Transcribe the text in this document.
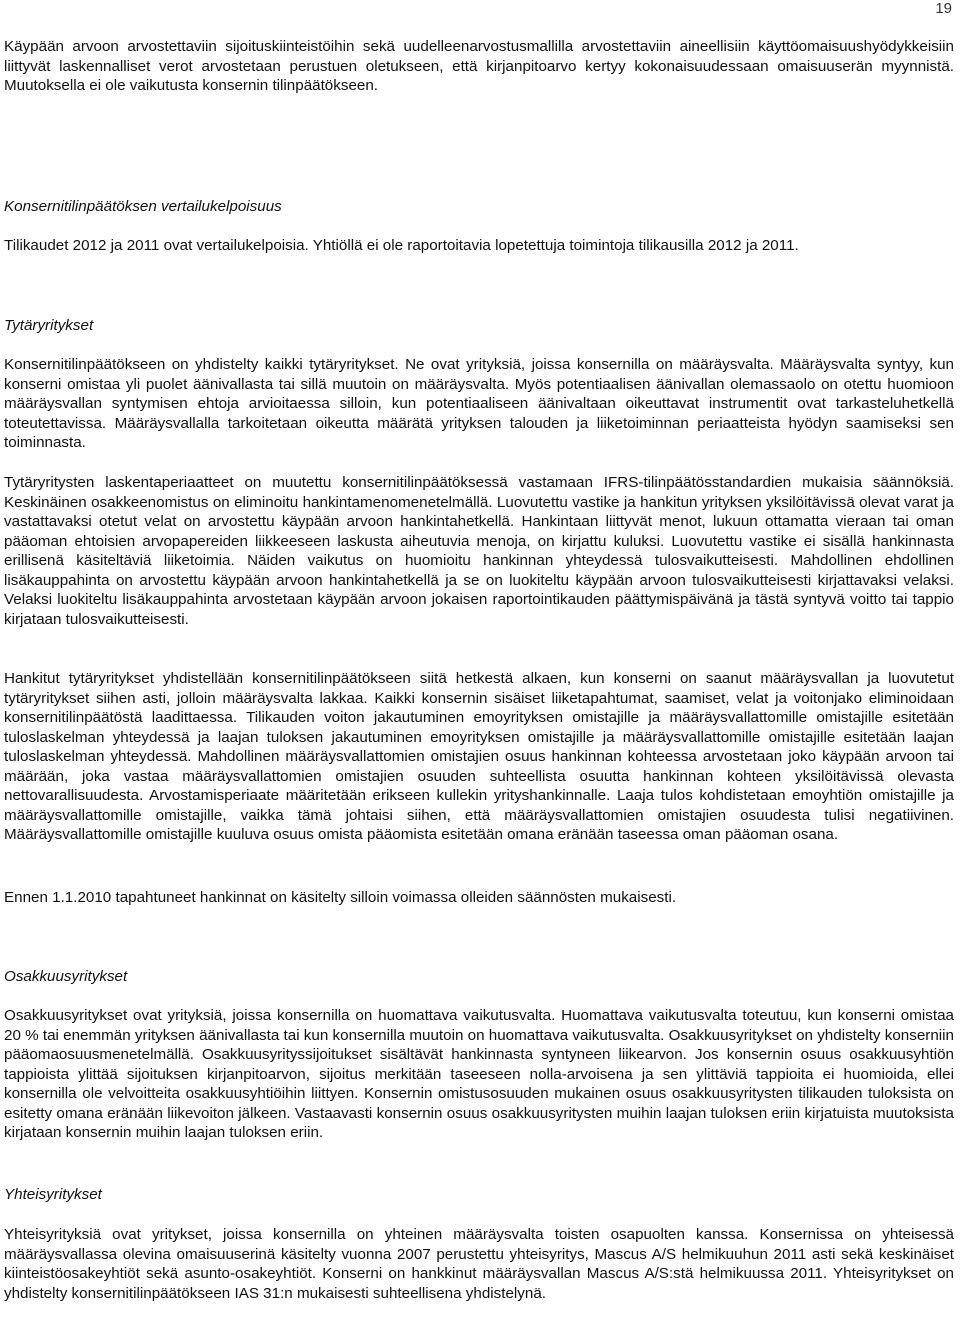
19

Käypään arvoon arvostettaviin sijoituskiinteistöihin sekä uudelleenarvostusmallilla arvostettaviin aineellisiin käyttöomaisuushyödykkeisiin liittyvät laskennalliset verot arvostetaan perustuen oletukseen, että kirjanpitoarvo kertyy kokonaisuudessaan omaisuuserän myynnistä. Muutoksella ei ole vaikutusta konsernin tilinpäätökseen.

Konsernitilinpäätöksen vertailukelpoisuus

Tilikaudet 2012 ja 2011 ovat vertailukelpoisia. Yhtiöllä ei ole raportoitavia lopetettuja toimintoja tilikausilla 2012 ja 2011.

Tytäryritykset

Konsernitilinpäätökseen on yhdistelty kaikki tytäryritykset. Ne ovat yrityksiä, joissa konsernilla on määräysvalta. Määräysvalta syntyy, kun konserni omistaa yli puolet äänivallasta tai sillä muutoin on määräysvalta. Myös potentiaalisen äänivallan olemassaolo on otettu huomioon määräysvallan syntymisen ehtoja arvioitaessa silloin, kun potentiaaliseen äänivaltaan oikeuttavat instrumentit ovat tarkasteluhetkellä toteutettavissa. Määräysvallalla tarkoitetaan oikeutta määrätä yrityksen talouden ja liiketoiminnan periaatteista hyödyn saamiseksi sen toiminnasta.

Tytäryritysten laskentaperiaatteet on muutettu konsernitilinpäätöksessä vastamaan IFRS-tilinpäätösstandardien mukaisia säännöksiä. Keskinäinen osakkeenomistus on eliminoitu hankintamenomenetelmällä. Luovutettu vastike ja hankitun yrityksen yksilöitävissä olevat varat ja vastattavaksi otetut velat on arvostettu käypään arvoon hankintahetkellä. Hankintaan liittyvät menot, lukuun ottamatta vieraan tai oman pääoman ehtoisien arvopapereiden liikkeeseen laskusta aiheutuvia menoja, on kirjattu kuluksi. Luovutettu vastike ei sisällä hankinnasta erillisenä käsiteltäviä liiketoimia. Näiden vaikutus on huomioitu hankinnan yhteydessä tulosvaikutteisesti. Mahdollinen ehdollinen lisäkauppahinta on arvostettu käypään arvoon hankintahetkellä ja se on luokiteltu käypään arvoon tulosvaikutteisesti kirjattavaksi velaksi. Velaksi luokiteltu lisäkauppahinta arvostetaan käypään arvoon jokaisen raportointikauden päättymispäivänä ja tästä syntyvä voitto tai tappio kirjataan tulosvaikutteisesti.

Hankitut tytäryritykset yhdistellään konsernitilinpäätökseen siitä hetkestä alkaen, kun konserni on saanut määräysvallan ja luovutetut tytäryritykset siihen asti, jolloin määräysvalta lakkaa. Kaikki konsernin sisäiset liiketapahtumat, saamiset, velat ja voitonjako eliminoidaan konsernitilinpäätöstä laadittaessa. Tilikauden voiton jakautuminen emoyrityksen omistajille ja määräysvallattomille omistajille esitetään tuloslaskelman yhteydessä ja laajan tuloksen jakautuminen emoyrityksen omistajille ja määräysvallattomille omistajille esitetään laajan tuloslaskelman yhteydessä. Mahdollinen määräysvallattomien omistajien osuus hankinnan kohteessa arvostetaan joko käypään arvoon tai määrään, joka vastaa määräysvallattomien omistajien osuuden suhteellista osuutta hankinnan kohteen yksilöitävissä olevasta nettovarallisuudesta. Arvostamisperiaate määritetään erikseen kullekin yrityshankinnalle. Laaja tulos kohdistetaan emoyhtiön omistajille ja määräysvallattomille omistajille, vaikka tämä johtaisi siihen, että määräysvallattomien omistajien osuudesta tulisi negatiivinen. Määräysvallattomille omistajille kuuluva osuus omista pääomista esitetään omana eränään taseessa oman pääoman osana.

Ennen 1.1.2010 tapahtuneet hankinnat on käsitelty silloin voimassa olleiden säännösten mukaisesti.

Osakkuusyritykset

Osakkuusyritykset ovat yrityksiä, joissa konsernilla on huomattava vaikutusvalta. Huomattava vaikutusvalta toteutuu, kun konserni omistaa 20 % tai enemmän yrityksen äänivallasta tai kun konsernilla muutoin on huomattava vaikutusvalta. Osakkuusyritykset on yhdistelty konserniin pääomaosuusmenetelmällä. Osakkuusyrityssijoitukset sisältävät hankinnasta syntyneen liikearvon. Jos konsernin osuus osakkuusyhtiön tappioista ylittää sijoituksen kirjanpitoarvon, sijoitus merkitään taseeseen nolla-arvoisena ja sen ylittäviä tappioita ei huomioida, ellei konsernilla ole velvoitteita osakkuusyhtiöihin liittyen. Konsernin omistusosuuden mukainen osuus osakkuusyritysten tilikauden tuloksista on esitetty omana eränään liikevoiton jälkeen. Vastaavasti konsernin osuus osakkuusyritysten muihin laajan tuloksen eriin kirjatuista muutoksista kirjataan konsernin muihin laajan tuloksen eriin.

Yhteisyritykset

Yhteisyrityksiä ovat yritykset, joissa konsernilla on yhteinen määräysvalta toisten osapuolten kanssa. Konsernissa on yhteisessä määräysvallassa olevina omaisuuserinä käsitelty vuonna 2007 perustettu yhteisyritys, Mascus A/S helmikuuhun 2011 asti sekä keskinäiset kiinteistöosakeyhtiöt sekä asunto-osakeyhtiöt. Konserni on hankkinut määräysvallan Mascus A/S:stä helmikuussa 2011. Yhteisyritykset on yhdistelty konsernitilinpäätökseen IAS 31:n mukaisesti suhteellisena yhdistelynä.
